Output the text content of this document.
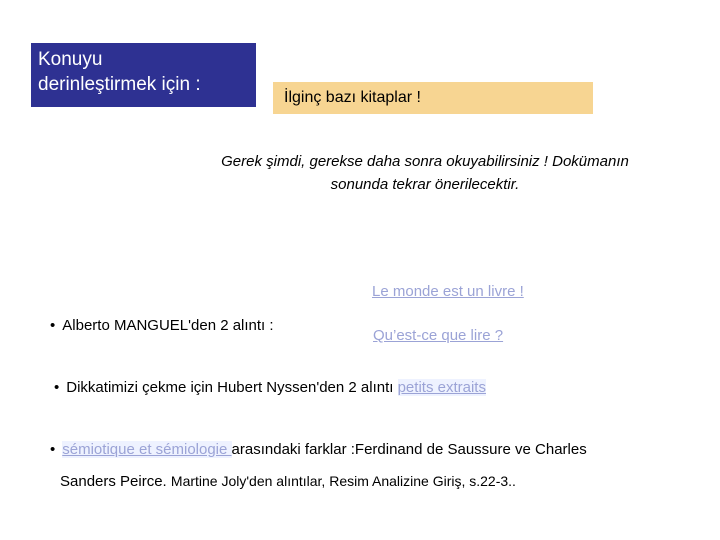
Konuyu
derinleştirmek için :
İlginç bazı kitaplar !
Gerek şimdi, gerekse daha sonra okuyabilirsiniz ! Dokümanın
sonunda tekrar önerilecektir.
Le monde est un livre !
• Alberto MANGUEL'den 2 alıntı :
Qu’est-ce que lire ?
• Dikkatimizi çekme için Hubert Nyssen'den 2 alıntı petits extraits
• sémiotique et sémiologie arasındaki farklar :Ferdinand de Saussure ve Charles
Sanders Peirce. Martine Joly'den alıntılar, Resim Analizine Giriş, s.22-3..
